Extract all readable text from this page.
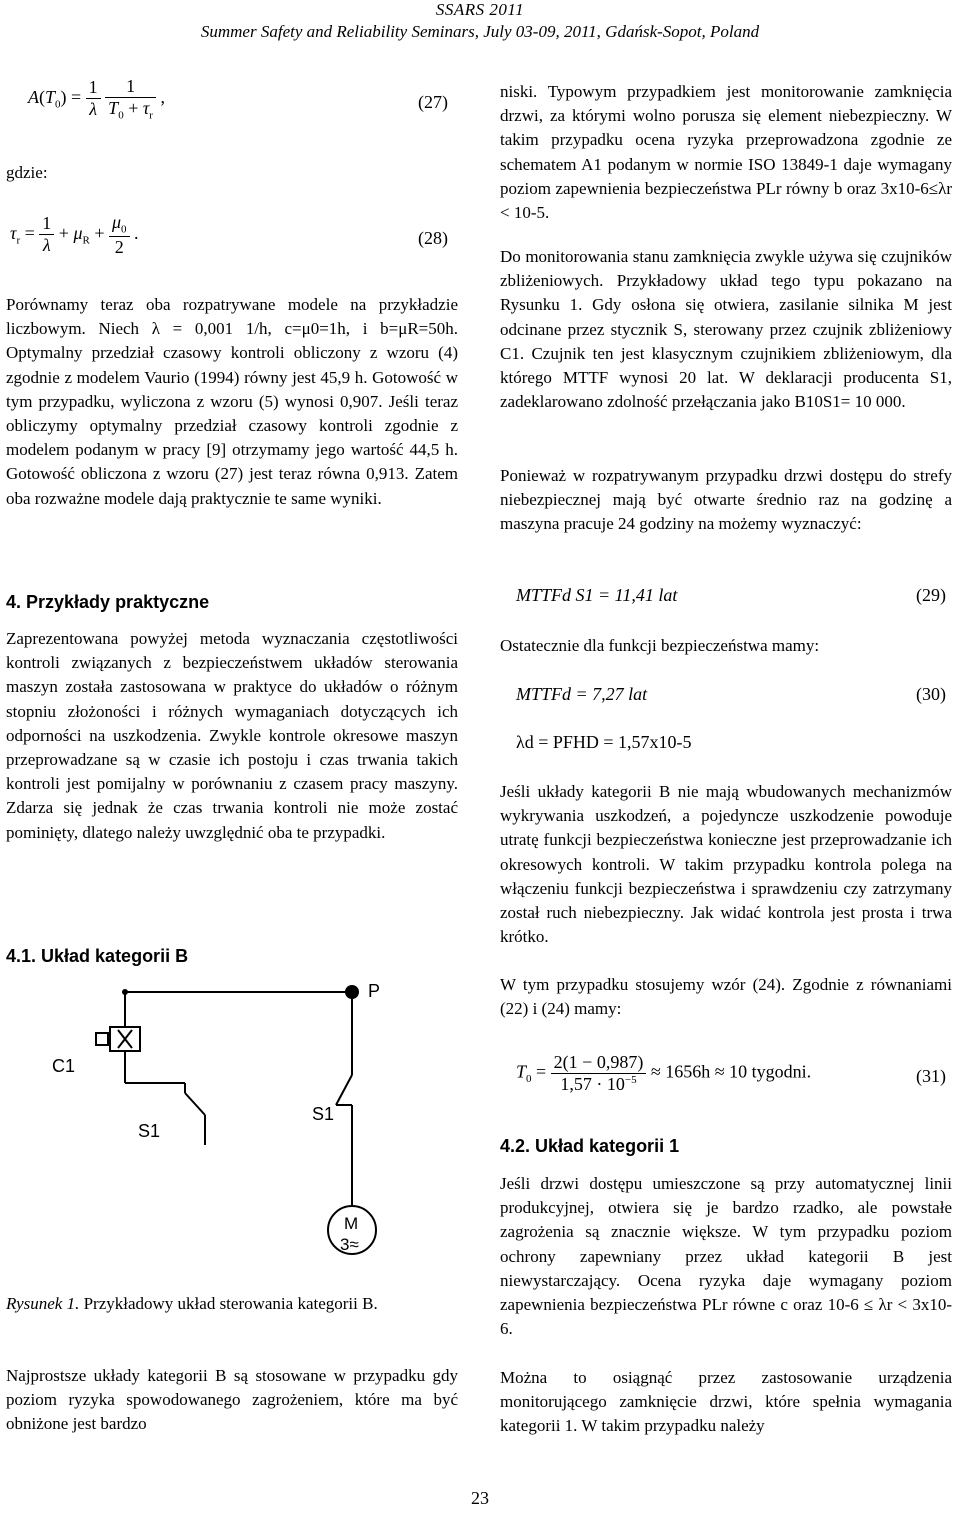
SSARS 2011
Summer Safety and Reliability Seminars, July 03-09, 2011, Gdańsk-Sopot, Poland
$A(T_0) = \frac{1}{\lambda}$
$\frac{1}{T_0 + \tau_r}$ ,	(27)
gdzie:
$\tau_r = \frac{1}{\lambda} + \mu_R + \frac{\mu_0}{2}$ .	(28)
Porównamy teraz oba rozpatrywane modele na przykładzie liczbowym. Niech λ = 0,001 1/h, c=μ0=1h, i b=μR=50h. Optymalny przedział czasowy kontroli obliczony z wzoru (4) zgodnie z modelem Vaurio (1994) równy jest 45,9 h. Gotowość w tym przypadku, wyliczona z wzoru (5) wynosi 0,907. Jeśli teraz obliczymy optymalny przedział czasowy kontroli zgodnie z modelem podanym w pracy [9] otrzymamy jego wartość 44,5 h. Gotowość obliczona z wzoru (27) jest teraz równa 0,913. Zatem oba rozważne modele dają praktycznie te same wyniki.
4. Przykłady praktyczne
Zaprezentowana powyżej metoda wyznaczania częstotliwości kontroli związanych z bezpieczeństwem układów sterowania maszyn została zastosowana w praktyce do układów o różnym stopniu złożoności i różnych wymaganiach dotyczących ich odporności na uszkodzenia. Zwykle kontrole okresowe maszyn przeprowadzane są w czasie ich postoju i czas trwania takich kontroli jest pomijalny w porównaniu z czasem pracy maszyny. Zdarza się jednak że czas trwania kontroli nie może zostać pominięty, dlatego należy uwzględnić oba te przypadki.
4.1. Układ kategorii B
P
C1
S1
S1
M
3≈
Rysunek 1. Przykładowy układ sterowania kategorii B.
Najprostsze układy kategorii B są stosowane w przypadku gdy poziom ryzyka spowodowanego zagrożeniem, które ma być obniżone jest bardzo
niski. Typowym przypadkiem jest monitorowanie zamknięcia drzwi, za którymi wolno porusza się element niebezpieczny. W takim przypadku ocena ryzyka przeprowadzona zgodnie ze schematem A1 podanym w normie ISO 13849-1 daje wymagany poziom zapewnienia bezpieczeństwa PLr równy b oraz 3x10-6≤λr < 10-5.
Do monitorowania stanu zamknięcia zwykle używa się czujników zbliżeniowych. Przykładowy układ tego typu pokazano na Rysunku 1. Gdy osłona się otwiera, zasilanie silnika M jest odcinane przez stycznik S, sterowany przez czujnik zbliżeniowy C1. Czujnik ten jest klasycznym czujnikiem zbliżeniowym, dla którego MTTF wynosi 20 lat. W deklaracji producenta S1, zadeklarowano zdolność przełączania jako B10S1= 10 000.
Ponieważ w rozpatrywanym przypadku drzwi dostępu do strefy niebezpiecznej mają być otwarte średnio raz na godzinę a maszyna pracuje 24 godziny na możemy wyznaczyć:
MTTFd S1 = 11,41 lat	(29)
Ostatecznie dla funkcji bezpieczeństwa mamy:
MTTFd = 7,27 lat	(30)
λd = PFHD = 1,57x10-5
Jeśli układy kategorii B nie mają wbudowanych mechanizmów wykrywania uszkodzeń, a pojedyncze uszkodzenie powoduje utratę funkcji bezpieczeństwa konieczne jest przeprowadzanie ich okresowych kontroli. W takim przypadku kontrola polega na włączeniu funkcji bezpieczeństwa i sprawdzeniu czy zatrzymany został ruch niebezpieczny. Jak widać kontrola jest prosta i trwa krótko.
W tym przypadku stosujemy wzór (24). Zgodnie z równaniami (22) i (24) mamy:
$T_0 = \frac{2(1 - 0,987)}{1,57 \cdot 10^{-5}} \approx 1656h \approx 10$ tygodni.	(31)
4.2. Układ kategorii 1
Jeśli drzwi dostępu umieszczone są przy automatycznej linii produkcyjnej, otwiera się je bardzo rzadko, ale powstałe zagrożenia są znacznie większe. W tym przypadku poziom ochrony zapewniany przez układ kategorii B jest niewystarczający. Ocena ryzyka daje wymagany poziom zapewnienia bezpieczeństwa PLr równe c oraz 10-6 ≤ λr < 3x10-6.
Można to osiągnąć przez zastosowanie urządzenia monitorującego zamknięcie drzwi, które spełnia wymagania kategorii 1. W takim przypadku należy
23
